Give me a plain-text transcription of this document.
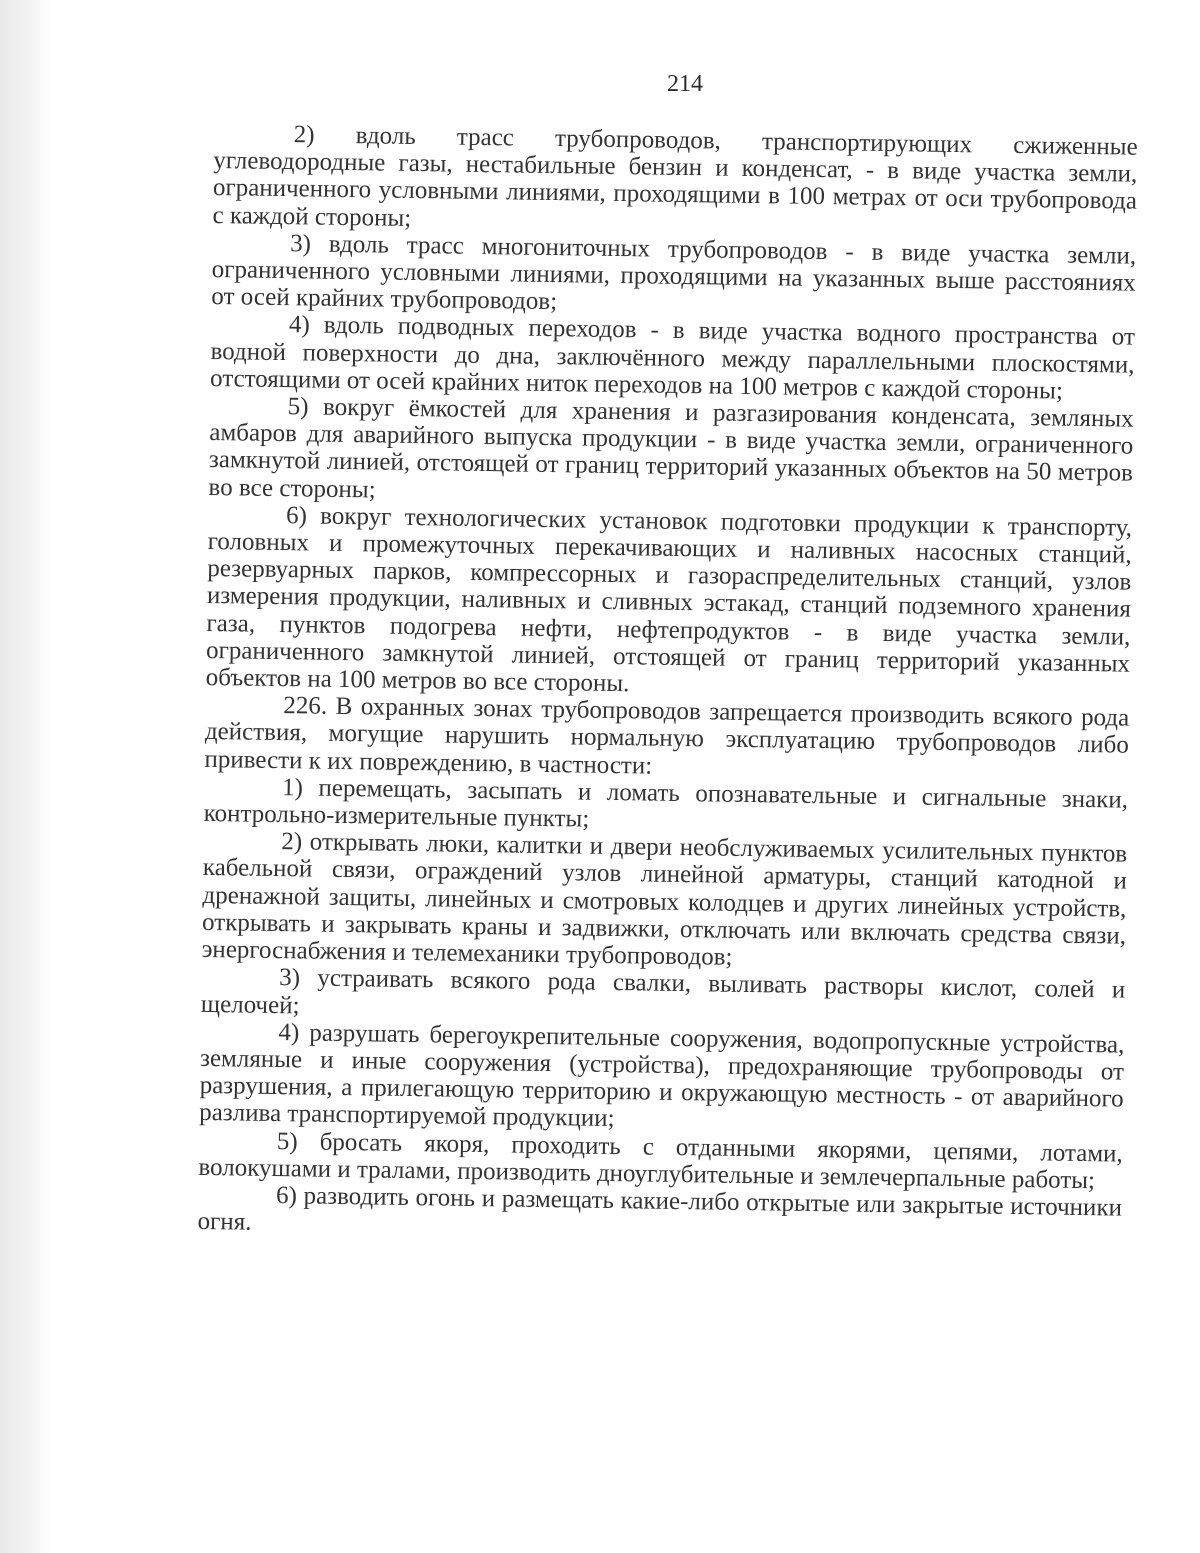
214

2) вдоль трасс трубопроводов, транспортирующих сжиженные углеводородные газы, нестабильные бензин и конденсат, - в виде участка земли, ограниченного условными линиями, проходящими в 100 метрах от оси трубопровода с каждой стороны;

3) вдоль трасс многониточных трубопроводов - в виде участка земли, ограниченного условными линиями, проходящими на указанных выше расстояниях от осей крайних трубопроводов;

4) вдоль подводных переходов - в виде участка водного пространства от водной поверхности до дна, заключённого между параллельными плоскостями, отстоящими от осей крайних ниток переходов на 100 метров с каждой стороны;

5) вокруг ёмкостей для хранения и разгазирования конденсата, земляных амбаров для аварийного выпуска продукции - в виде участка земли, ограниченного замкнутой линией, отстоящей от границ территорий указанных объектов на 50 метров во все стороны;

6) вокруг технологических установок подготовки продукции к транспорту, головных и промежуточных перекачивающих и наливных насосных станций, резервуарных парков, компрессорных и газораспределительных станций, узлов измерения продукции, наливных и сливных эстакад, станций подземного хранения газа, пунктов подогрева нефти, нефтепродуктов - в виде участка земли, ограниченного замкнутой линией, отстоящей от границ территорий указанных объектов на 100 метров во все стороны.

226. В охранных зонах трубопроводов запрещается производить всякого рода действия, могущие нарушить нормальную эксплуатацию трубопроводов либо привести к их повреждению, в частности:

1) перемещать, засыпать и ломать опознавательные и сигнальные знаки, контрольно-измерительные пункты;

2) открывать люки, калитки и двери необслуживаемых усилительных пунктов кабельной связи, ограждений узлов линейной арматуры, станций катодной и дренажной защиты, линейных и смотровых колодцев и других линейных устройств, открывать и закрывать краны и задвижки, отключать или включать средства связи, энергоснабжения и телемеханики трубопроводов;

3) устраивать всякого рода свалки, выливать растворы кислот, солей и щелочей;

4) разрушать берегоукрепительные сооружения, водопропускные устройства, земляные и иные сооружения (устройства), предохраняющие трубопроводы от разрушения, а прилегающую территорию и окружающую местность - от аварийного разлива транспортируемой продукции;

5) бросать якоря, проходить с отданными якорями, цепями, лотами, волокушами и тралами, производить дноуглубительные и землечерпальные работы;

6) разводить огонь и размещать какие-либо открытые или закрытые источники огня.
